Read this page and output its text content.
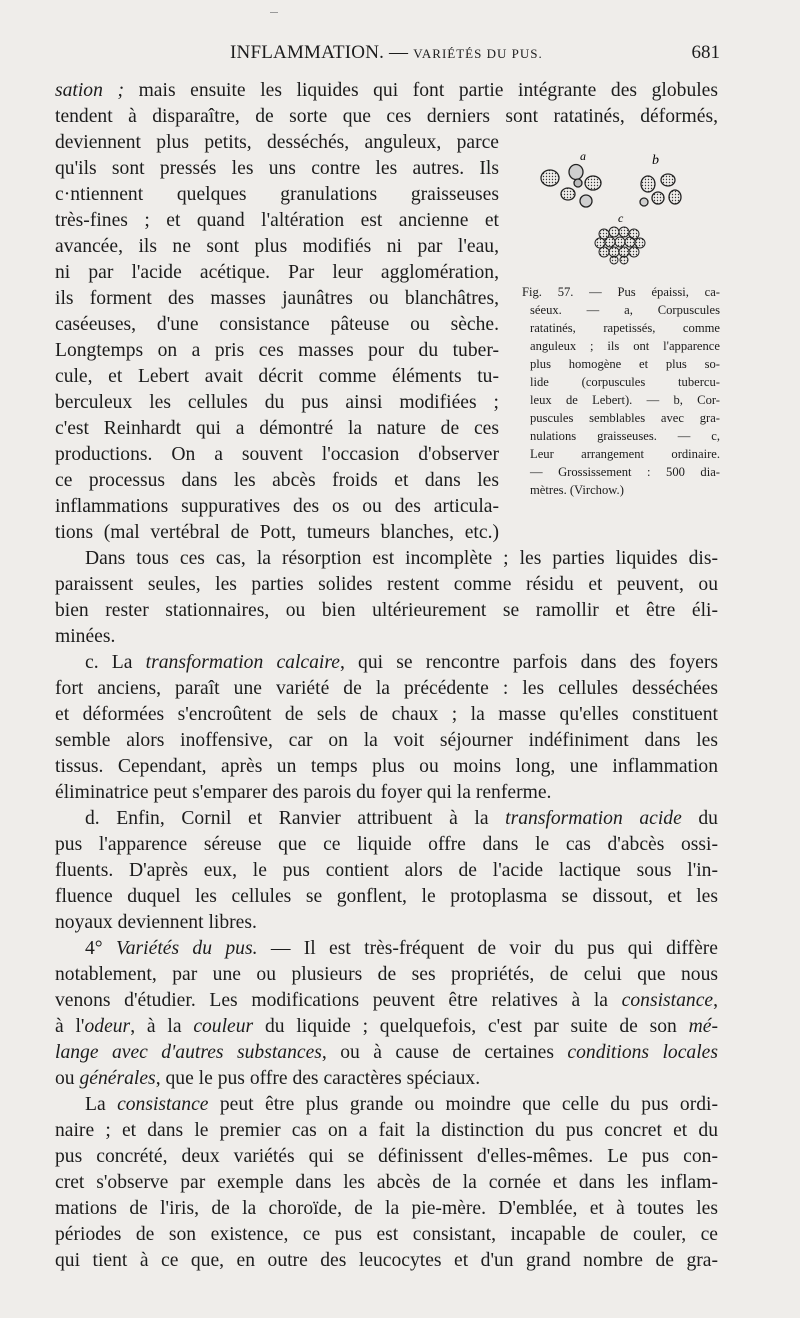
INFLAMMATION. — VARIÉTÉS DU PUS.	681
a	b
c
Fig. 57. — Pus épaissi, ca-
séeux. — a, Corpuscules
ratatinés, rapetissés, comme
anguleux ; ils ont l'apparence
plus homogène et plus so-
lide (corpuscules tubercu-
leux de Lebert). — b, Cor-
puscules semblables avec gra-
nulations graisseuses. — c,
Leur arrangement ordinaire.
— Grossissement : 500 dia-
mètres. (Virchow.)
sation ; mais ensuite les liquides qui font partie intégrante des globules
tendent à disparaître, de sorte que ces derniers sont ratatinés, déformés,
deviennent plus petits, desséchés, anguleux, parce
qu'ils sont pressés les uns contre les autres. Ils
c·ntiennent quelques granulations graisseuses
très-fines ; et quand l'altération est ancienne et
avancée, ils ne sont plus modifiés ni par l'eau,
ni par l'acide acétique. Par leur agglomération,
ils forment des masses jaunâtres ou blanchâtres,
caséeuses, d'une consistance pâteuse ou sèche.
Longtemps on a pris ces masses pour du tuber-
cule, et Lebert avait décrit comme éléments tu-
berculeux les cellules du pus ainsi modifiées ;
c'est Reinhardt qui a démontré la nature de ces
productions. On a souvent l'occasion d'observer
ce processus dans les abcès froids et dans les
inflammations suppuratives des os ou des articula-
tions (mal vertébral de Pott, tumeurs blanches, etc.)
Dans tous ces cas, la résorption est incomplète ; les parties liquides dis-
paraissent seules, les parties solides restent comme résidu et peuvent, ou
bien rester stationnaires, ou bien ultérieurement se ramollir et être éli-
minées.
c. La transformation calcaire, qui se rencontre parfois dans des foyers
fort anciens, paraît une variété de la précédente : les cellules desséchées
et déformées s'encroûtent de sels de chaux ; la masse qu'elles constituent
semble alors inoffensive, car on la voit séjourner indéfiniment dans les
tissus. Cependant, après un temps plus ou moins long, une inflammation
éliminatrice peut s'emparer des parois du foyer qui la renferme.
d. Enfin, Cornil et Ranvier attribuent à la transformation acide du
pus l'apparence séreuse que ce liquide offre dans le cas d'abcès ossi-
fluents. D'après eux, le pus contient alors de l'acide lactique sous l'in-
fluence duquel les cellules se gonflent, le protoplasma se dissout, et les
noyaux deviennent libres.
4° Variétés du pus. — Il est très-fréquent de voir du pus qui diffère
notablement, par une ou plusieurs de ses propriétés, de celui que nous
venons d'étudier. Les modifications peuvent être relatives à la consistance,
à l'odeur, à la couleur du liquide ; quelquefois, c'est par suite de son mé-
lange avec d'autres substances, ou à cause de certaines conditions locales
ou générales, que le pus offre des caractères spéciaux.
La consistance peut être plus grande ou moindre que celle du pus ordi-
naire ; et dans le premier cas on a fait la distinction du pus concret et du
pus concrété, deux variétés qui se définissent d'elles-mêmes. Le pus con-
cret s'observe par exemple dans les abcès de la cornée et dans les inflam-
mations de l'iris, de la choroïde, de la pie-mère. D'emblée, et à toutes les
périodes de son existence, ce pus est consistant, incapable de couler, ce
qui tient à ce que, en outre des leucocytes et d'un grand nombre de gra-
